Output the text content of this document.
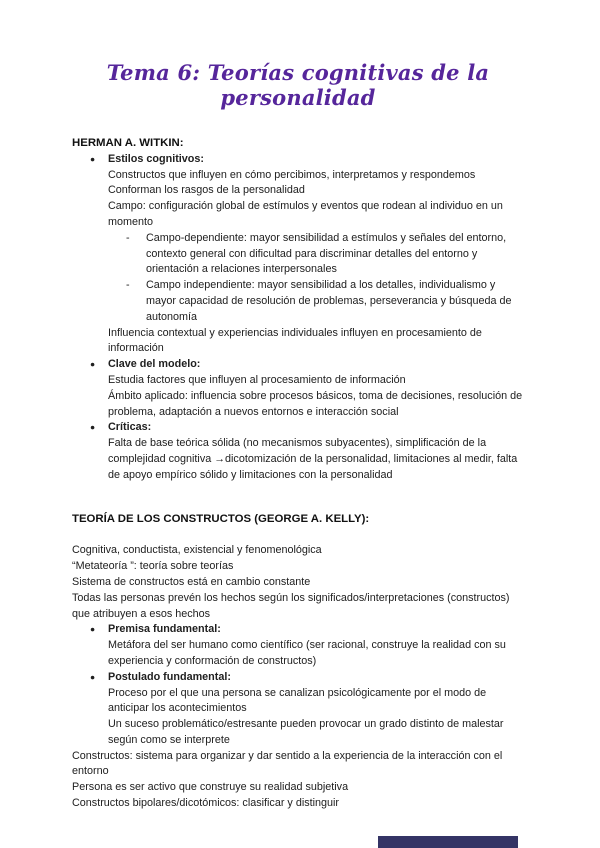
Tema 6: Teorías cognitivas de la personalidad
HERMAN A. WITKIN:
●	Estilos cognitivos:
Constructos que influyen en cómo percibimos, interpretamos y respondemos
Conforman los rasgos de la personalidad
Campo: configuración global de estímulos y eventos que rodean al individuo en un momento
-	Campo-dependiente: mayor sensibilidad a estímulos y señales del entorno, contexto general con dificultad para discriminar detalles del entorno y orientación a relaciones interpersonales
-	Campo independiente: mayor sensibilidad a los detalles, individualismo y mayor capacidad de resolución de problemas, perseverancia y búsqueda de autonomía
Influencia contextual y experiencias individuales influyen en procesamiento de información
●	Clave del modelo:
Estudia factores que influyen al procesamiento de información
Ámbito aplicado: influencia sobre procesos básicos, toma de decisiones, resolución de problema, adaptación a nuevos entornos e interacción social
●	Críticas:
Falta de base teórica sólida (no mecanismos subyacentes), simplificación de la complejidad cognitiva →dicotomización de la personalidad, limitaciones al medir, falta de apoyo empírico sólido y limitaciones con la personalidad
TEORÍA DE LOS CONSTRUCTOS (GEORGE A. KELLY):
Cognitiva, conductista, existencial y fenomenológica
“Metateoría ”: teoría sobre teorías
Sistema de constructos está en cambio constante
Todas las personas prevén los hechos según los significados/interpretaciones (constructos) que atribuyen a esos hechos
●	Premisa fundamental:
Metáfora del ser humano como científico (ser racional, construye la realidad con su experiencia y conformación de constructos)
●	Postulado fundamental:
Proceso por el que una persona se canalizan psicológicamente por el modo de anticipar los acontecimientos
Un suceso problemático/estresante pueden provocar un grado distinto de malestar según como se interprete
Constructos: sistema para organizar y dar sentido a la experiencia de la interacción con el entorno
Persona es ser activo que construye su realidad subjetiva
Constructos bipolares/dicotómicos: clasificar y distinguir
